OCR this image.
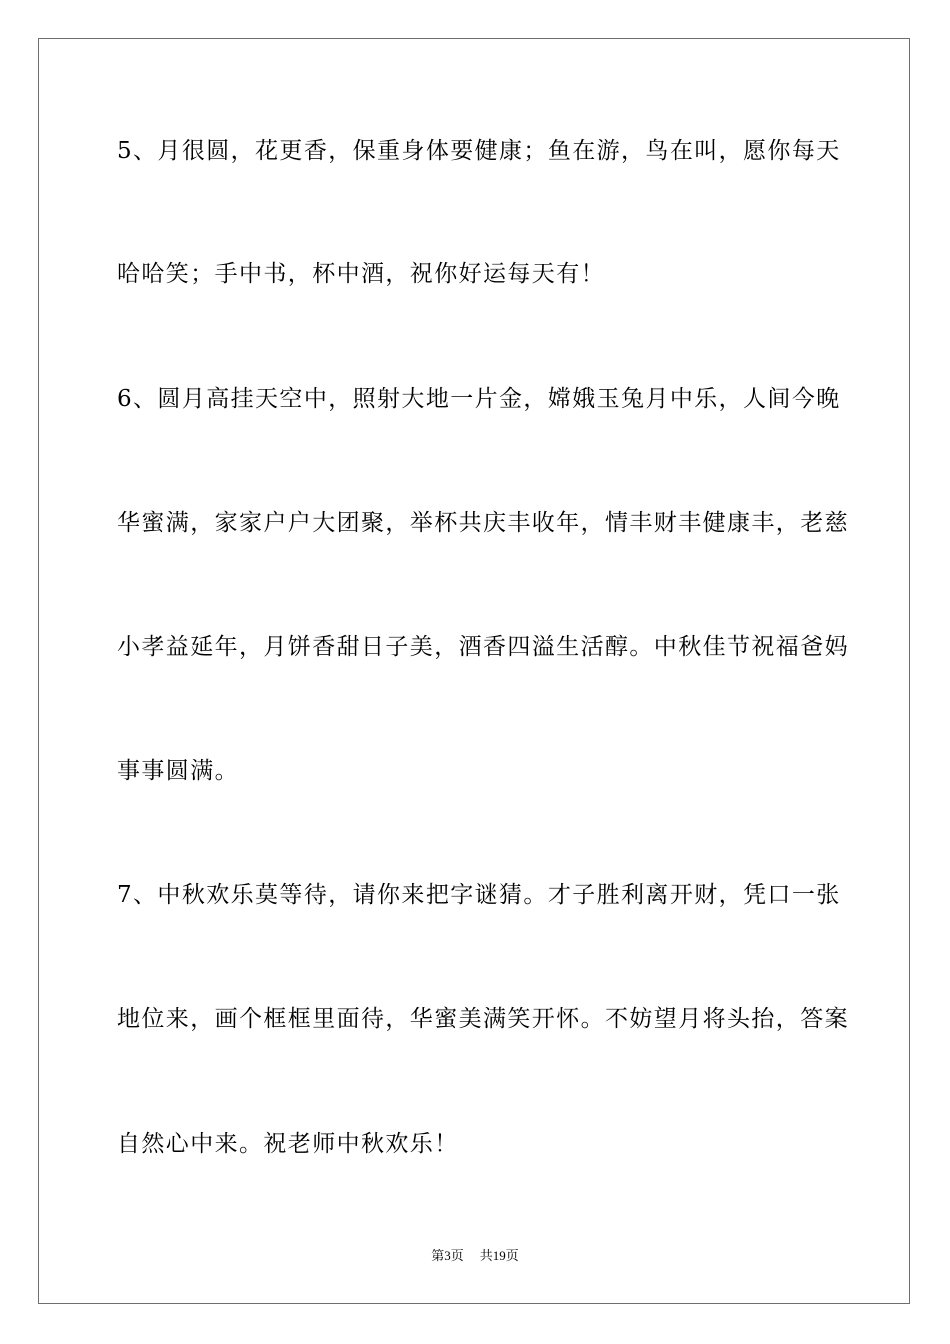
5、月很圆，花更香，保重身体要健康；鱼在游，鸟在叫，愿你每天
哈哈笑；手中书，杯中酒，祝你好运每天有！
6、圆月高挂天空中，照射大地一片金，嫦娥玉兔月中乐，人间今晚
华蜜满，家家户户大团聚，举杯共庆丰收年，情丰财丰健康丰，老慈
小孝益延年，月饼香甜日子美，酒香四溢生活醇。中秋佳节祝福爸妈
事事圆满。
7、中秋欢乐莫等待，请你来把字谜猜。才子胜利离开财，凭口一张
地位来，画个框框里面待，华蜜美满笑开怀。不妨望月将头抬，答案
自然心中来。祝老师中秋欢乐！
第3页 共19页
